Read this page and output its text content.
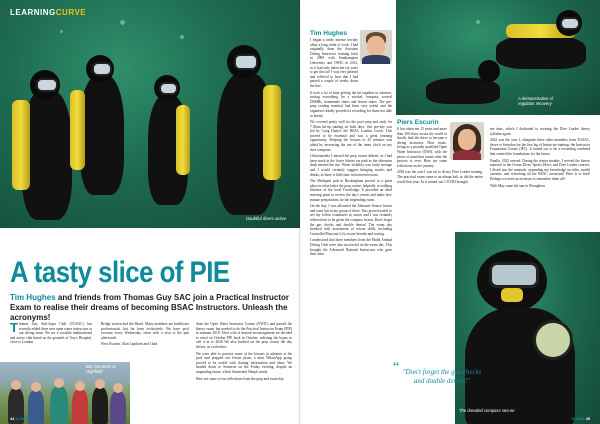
LEARNINGCURVE
Doubtful divers active
A tasty slice of PIE
Tim Hughes and friends from Thomas Guy SAC join a Practical Instructor Exam to realise their dreams of becoming BSAC Instructors. Unleash the acronyms!
T homas Guy Sub-Aqua Club (TGSAC) has recently added three new open water instructors to our diving team. We are a sociable multinational and active club based on the grounds of Guy's Hospital, close to London

Bridge station and the Shard. Many members are healthcare professionals, but far from exclusively. We have pool sessions every Wednesday, often with a visit to the pub afterwards.

Piers Escurin, Alan Lapthorn and I had

done the Open Water Instructor Course (OWIC) and passed the theory exam, but needed to do the Practical Instructor Exam (PIE) in summer 2019. After a bit of mutual encouragement we decided to enrol on October PIE back in October, enlisting the hopes to call it in to 2020 We also booked on the prep course the day before, as a refresher.

We were able to practise some of the lessons in advance at the pool and prepped our lesson plans, a mini WhatsApp group proved to be useful with sharing information and ideas. We headed down to Somerset on the Friday evening, despite an impending storm, which threatened 50mph winds.

Here are some of our reflections from the prep and exam day.

Bar 13a team at Highfield
44 SCUBA
A demonstration of regulator recovery
Tim Hughes

I began a fairly intense ten-day affair a long week of work. I had originally done the Assistant Diving Instructor training back in 2009 with Southampton University and OWIC in 2012, so it had only taken me six years to get this far! I was very pleased and relieved to hear that I had passed a couple of weeks down the line.

It took a lot of time getting the kit together in advance, sorting everything for a snorkel, compass, several DSMBs, homemade slates and lesson slates. The pre-prep reading material had been very useful and the organisers kindly provided a recording for those not able to attend.

We covered pretty well for the pool prep and early for 7.30am kit-up starting on both days. Our pre-day was led by Craig Daniel, the BSAC London Coach. This proved to be essential and was a great learning opportunity. Keeping the lessons to 45 minutes was aided by increasing the use of the timer clock on my dive computer.

Unfortunately I missed the prep course debrief, as I had been stuck in the lower lobster car park as the afternoon dusk entered the site. Water visibility was fairly average and I would certainly suggest bringing snacks and drinks, as there is little time in between lessons.

The Medipark pub in Buckingham proved to a great place to refuel after the prep course, helpfully in walking distance of the local Travelodge. It provided an ideal meeting point to review the day's events and make last-minute preparations for the impending exam.

On the day, I was allocated the Alternate Source lesson and went last in my group of three. This proved useful to see my fellow examinees in action and I was certainly relieved not to be given the compass lesson. Don't forget the gas checks and double demos! The exam day finished with assessment of rescue skills, including Controlled Buoyant Lift, rescue breaths and towing.

I understood that three members from the Moldi Animal Diving Club were also successful on the exam day. This brought the Advanced National Instructors who gave their time.

Piers Escurin

It has taken me 13 years and more than 300 dives across the world to finally find the drive to become a diving instructor. How ironic, living as a proudly qualified Open Water Instructor (OWI), with the peace of mind that comes after the process is over. Here are some reflections on the journey.

2018 was the year I was set to do my Dive Leader training. The practical exam came to an abrupt halt, as did the entire world that year. As it turned out, COVID brought

me time, which I dedicated to revising the Dive Leader theory syllabus again.

2022 was the year I, alongside three other members from TGSAC, drove to Swindon for the first leg of Instructor training: the Instructor Foundation Course (IFC). It turned out to be a rewarding weekend that created the foundations for the future.

Finally, 2023 arrived. During the winter months, I revised the theory material in the Ocean Diver, Sports Diver, and Dive Leader courses. I dived into the manuals, expanding my knowledge on tides, model currents, and refreshing all the BSAC acronyms! Here is to bird! Perhaps we need an acronym to remember them all!

With May came the sun in Wroughton

The dreaded compass sea-ee
“ "Don't forget the gas checks and double demos!"
SCUBA 45
